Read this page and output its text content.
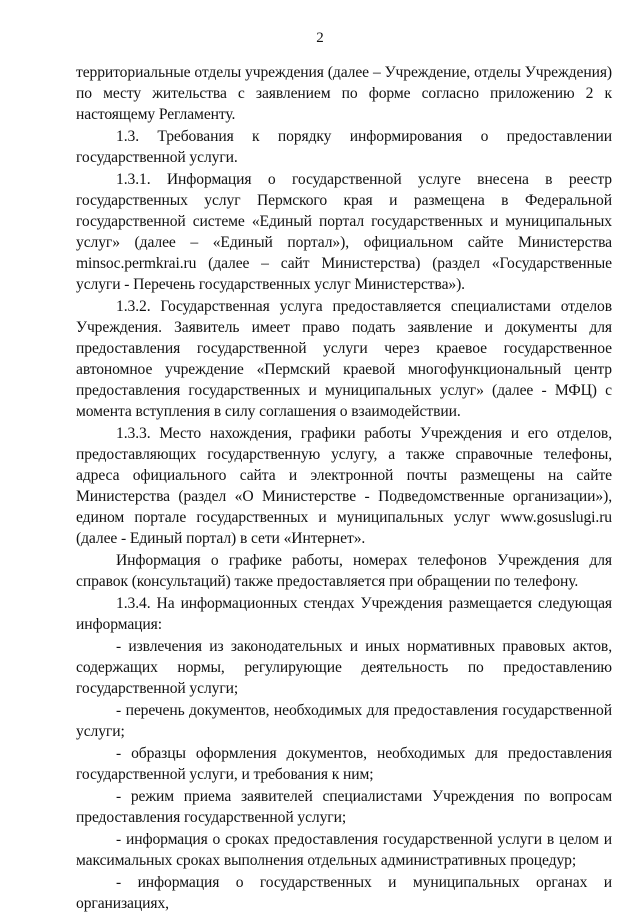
2

территориальные отделы учреждения (далее – Учреждение, отделы Учреждения) по месту жительства с заявлением по форме согласно приложению 2 к настоящему Регламенту.

1.3. Требования к порядку информирования о предоставлении государственной услуги.

1.3.1. Информация о государственной услуге внесена в реестр государственных услуг Пермского края и размещена в Федеральной государственной системе «Единый портал государственных и муниципальных услуг» (далее – «Единый портал»), официальном сайте Министерства minsoc.permkrai.ru (далее – сайт Министерства) (раздел «Государственные услуги - Перечень государственных услуг Министерства»).

1.3.2. Государственная услуга предоставляется специалистами отделов Учреждения. Заявитель имеет право подать заявление и документы для предоставления государственной услуги через краевое государственное автономное учреждение «Пермский краевой многофункциональный центр предоставления государственных и муниципальных услуг» (далее - МФЦ) с момента вступления в силу соглашения о взаимодействии.

1.3.3. Место нахождения, графики работы Учреждения и его отделов, предоставляющих государственную услугу, а также справочные телефоны, адреса официального сайта и электронной почты размещены на сайте Министерства (раздел «О Министерстве - Подведомственные организации»), едином портале государственных и муниципальных услуг www.gosuslugi.ru (далее - Единый портал) в сети «Интернет».

Информация о графике работы, номерах телефонов Учреждения для справок (консультаций) также предоставляется при обращении по телефону.

1.3.4. На информационных стендах Учреждения размещается следующая информация:

- извлечения из законодательных и иных нормативных правовых актов, содержащих нормы, регулирующие деятельность по предоставлению государственной услуги;

- перечень документов, необходимых для предоставления государственной услуги;

- образцы оформления документов, необходимых для предоставления государственной услуги, и требования к ним;

- режим приема заявителей специалистами Учреждения по вопросам предоставления государственной услуги;

- информация о сроках предоставления государственной услуги в целом и максимальных сроках выполнения отдельных административных процедур;

- информация о государственных и муниципальных органах и организациях,
